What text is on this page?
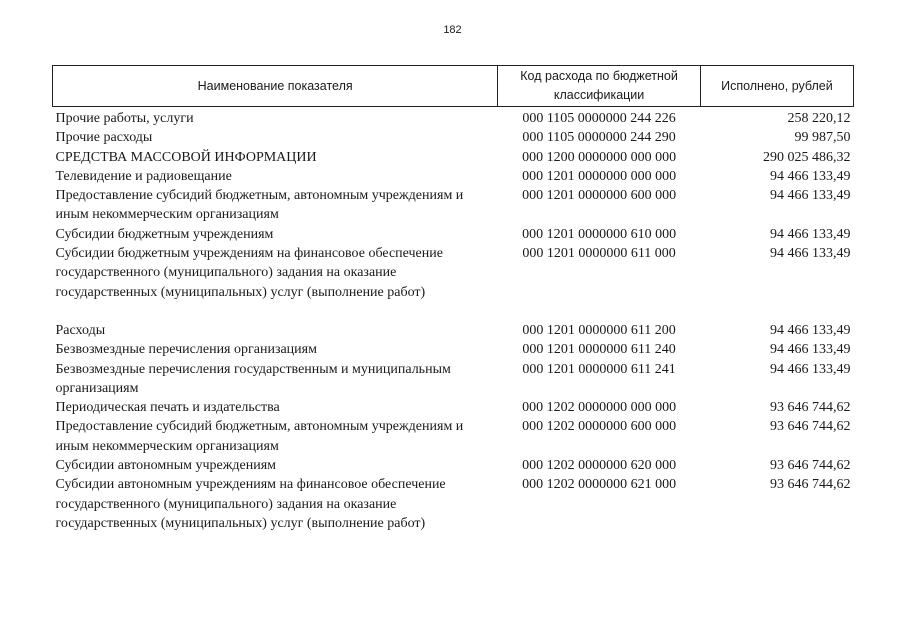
182
Наименование показателя	Код расхода по бюджетной классификации	Исполнено, рублей
Прочие работы, услуги	000 1105 0000000 244 226	258 220,12
Прочие расходы	000 1105 0000000 244 290	99 987,50
СРЕДСТВА МАССОВОЙ ИНФОРМАЦИИ	000 1200 0000000 000 000	290 025 486,32
Телевидение и радиовещание	000 1201 0000000 000 000	94 466 133,49
Предоставление субсидий бюджетным, автономным учреждениям и иным некоммерческим организациям	000 1201 0000000 600 000	94 466 133,49
Субсидии бюджетным учреждениям	000 1201 0000000 610 000	94 466 133,49
Субсидии бюджетным учреждениям на финансовое обеспечение государственного (муниципального) задания на оказание государственных (муниципальных) услуг (выполнение работ)	000 1201 0000000 611 000	94 466 133,49

Расходы	000 1201 0000000 611 200	94 466 133,49
Безвозмездные перечисления организациям	000 1201 0000000 611 240	94 466 133,49
Безвозмездные перечисления государственным и муниципальным организациям	000 1201 0000000 611 241	94 466 133,49
Периодическая печать и издательства	000 1202 0000000 000 000	93 646 744,62
Предоставление субсидий бюджетным, автономным учреждениям и иным некоммерческим организациям	000 1202 0000000 600 000	93 646 744,62
Субсидии автономным учреждениям	000 1202 0000000 620 000	93 646 744,62
Субсидии автономным учреждениям на финансовое обеспечение государственного (муниципального) задания на оказание государственных (муниципальных) услуг (выполнение работ)	000 1202 0000000 621 000	93 646 744,62
